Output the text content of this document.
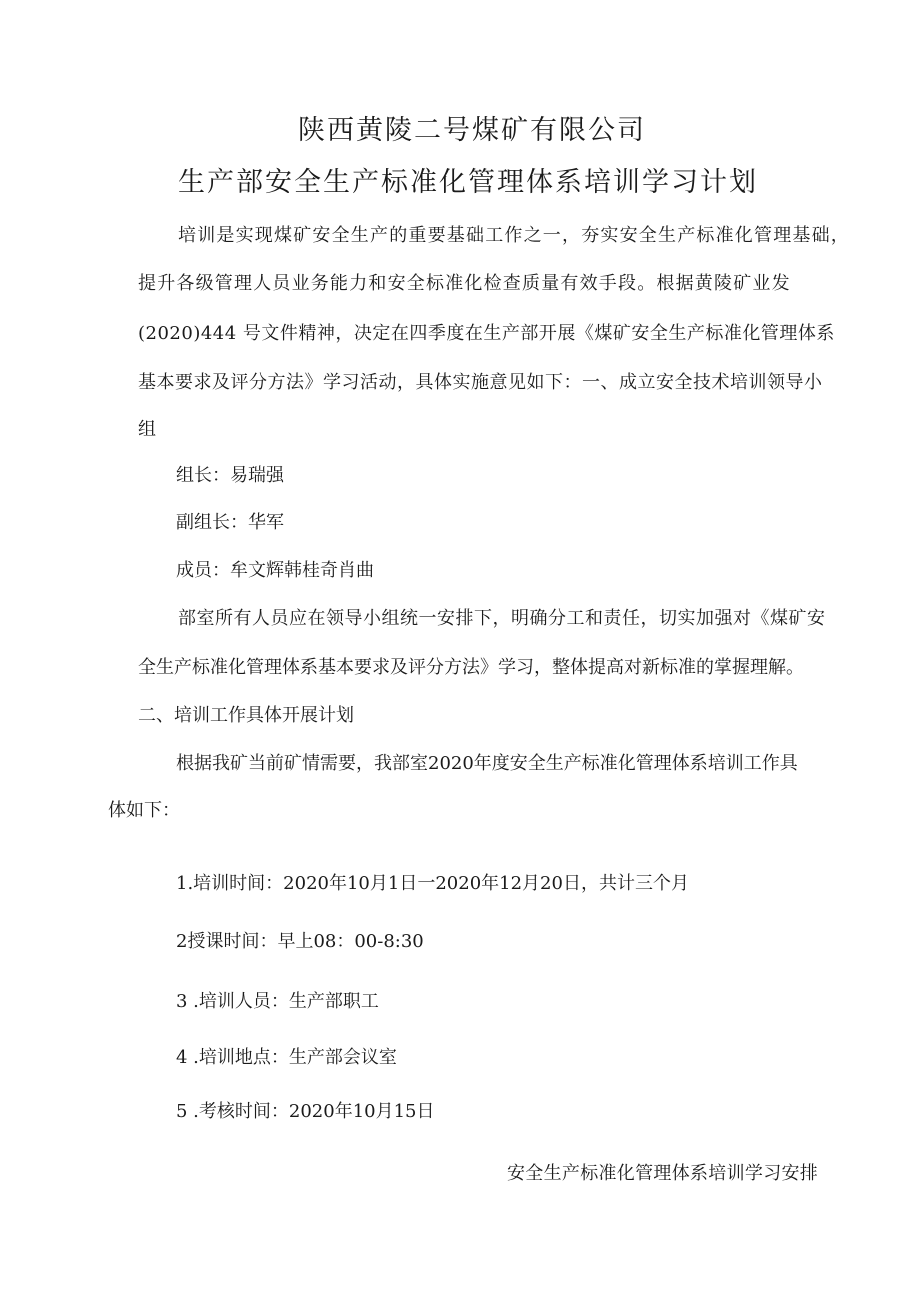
陕西黄陵二号煤矿有限公司
生产部安全生产标准化管理体系培训学习计划

培训是实现煤矿安全生产的重要基础工作之一，夯实安全生产标准化管理基础，

提升各级管理人员业务能力和安全标准化检查质量有效手段。根据黄陵矿业发

(2020)444 号文件精神，决定在四季度在生产部开展《煤矿安全生产标准化管理体系

基本要求及评分方法》学习活动，具体实施意见如下：一、成立安全技术培训领导小

组

组长：易瑞强

副组长：华军

成员：牟文辉韩桂奇肖曲

部室所有人员应在领导小组统一安排下，明确分工和责任，切实加强对《煤矿安

全生产标准化管理体系基本要求及评分方法》学习，整体提高对新标准的掌握理解。

二、培训工作具体开展计划

根据我矿当前矿情需要，我部室2020年度安全生产标准化管理体系培训工作具

体如下：

1.培训时间：2020年10月1日一2020年12月20日，共计三个月

2授课时间：早上08：00-8:30

3 .培训人员：生产部职工

4 .培训地点：生产部会议室

5 .考核时间：2020年10月15日

安全生产标准化管理体系培训学习安排
